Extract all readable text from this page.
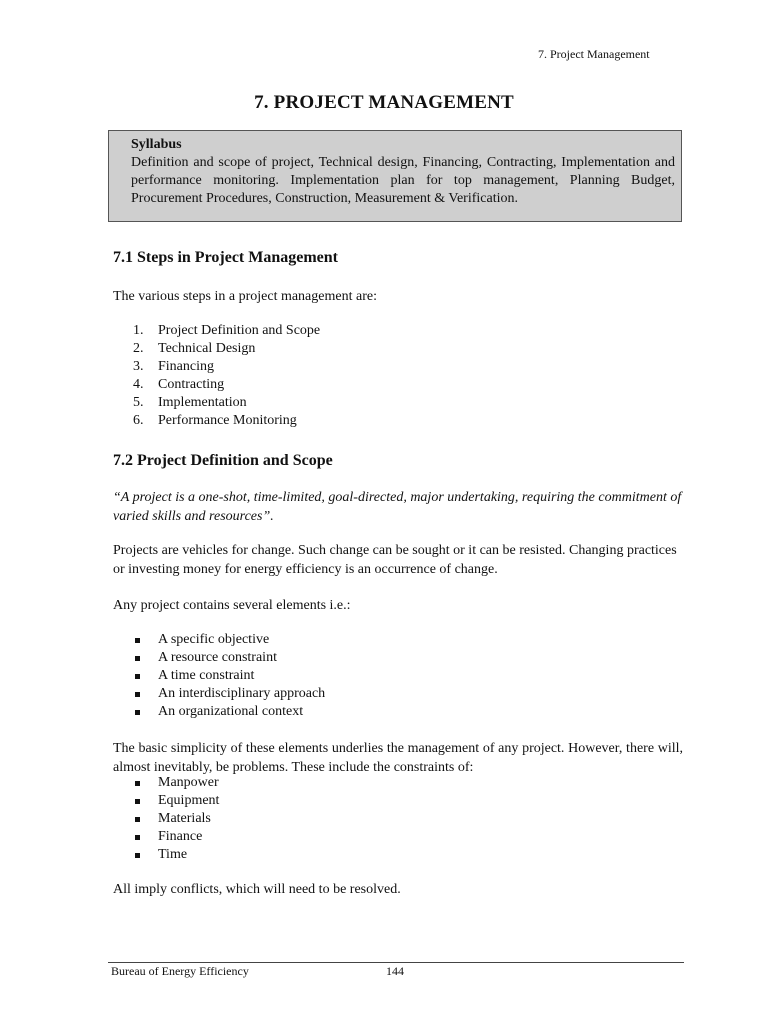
7. Project Management
7. PROJECT MANAGEMENT
Syllabus
Definition and scope of project, Technical design, Financing, Contracting, Implementation and performance monitoring. Implementation plan for top management, Planning Budget, Procurement Procedures, Construction, Measurement & Verification.
7.1 Steps in Project Management
The various steps in a project management are:
1. Project Definition and Scope
2. Technical Design
3. Financing
4. Contracting
5. Implementation
6. Performance Monitoring
7.2 Project Definition and Scope
“A project is a one-shot, time-limited, goal-directed, major undertaking, requiring the commitment of varied skills and resources”.
Projects are vehicles for change. Such change can be sought or it can be resisted. Changing practices or investing money for energy efficiency is an occurrence of change.
Any project contains several elements i.e.:
A specific objective
A resource constraint
A time constraint
An interdisciplinary approach
An organizational context
The basic simplicity of these elements underlies the management of any project. However, there will, almost inevitably, be problems. These include the constraints of:
Manpower
Equipment
Materials
Finance
Time
All imply conflicts, which will need to be resolved.
Bureau of Energy Efficiency	144
